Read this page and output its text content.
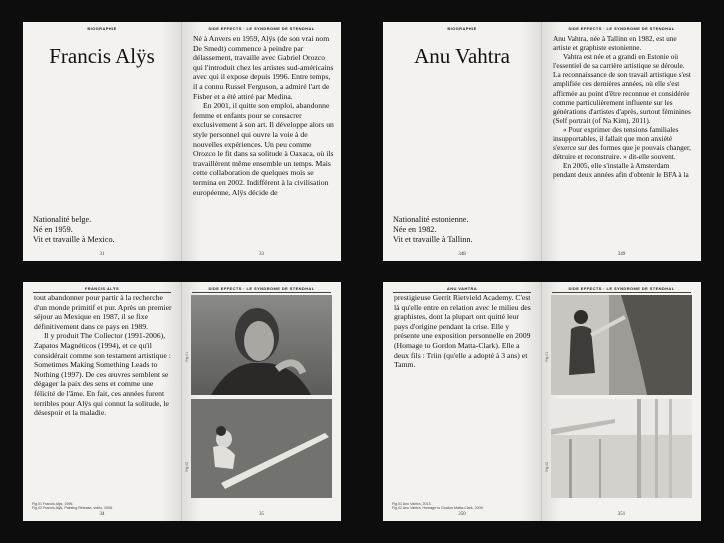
BIOGRAPHIE
Francis Alÿs
Nationalité belge.
Né en 1959.
Vit et travaille à Mexico.
31
SIDE EFFECTS · LE SYNDROME DE STENDHAL

Né à Anvers en 1959, Alÿs (de son vrai nom De Smedt) commence à peindre par délassement, travaille avec Gabriel Orozco qui l'introduit chez les artistes sud-américains avec qui il expose depuis 1996. Entre temps, il a connu Russel Ferguson, a admiré l'art de Fisher et a été attiré par Medina.

En 2001, il quitte son emploi, abandonne femme et enfants pour se consacrer exclusivement à son art. Il développe alors un style personnel qui ouvre la voie à de nouvelles expériences. Un peu comme Orozco le fit dans sa solitude à Oaxaca, où ils travaillèrent même ensemble un temps. Mais cette collaboration de quelques mois se termina en 2002. Indifférent à la civilisation européenne, Alÿs décide de

33
BIOGRAPHIE
Anu Vahtra
Nationalité estonienne.
Née en 1982.
Vit et travaille à Tallinn.
348
SIDE EFFECTS · LE SYNDROME DE STENDHAL

Anu Vahtra, née à Tallinn en 1982, est une artiste et graphiste estonienne.

Vahtra est née et a grandi en Estonie où l'essentiel de sa carrière artistique se déroule. La reconnaissance de son travail artistique s'est amplifiée ces dernières années, où elle s'est affirmée au point d'être reconnue et considérée comme particulièrement influente sur les générations d'artistes d'après, surtout féminines (Self portrait (of Na Kim), 2011).

« Pour exprimer des tensions familiales insupportables, il fallait que mon anxiété s'exerce sur des formes que je pouvais changer, détruire et reconstruire. » dit-elle souvent.

En 2005, elle s'installe à Amsterdam pendant deux années afin d'obtenir le BFA à la

349
FRANCIS ALŸS

tout abandonner pour partir à la recherche d'un monde primitif et pur. Après un premier séjour au Mexique en 1987, il se fixe définitivement dans ce pays en 1989.

Il y produit The Collector (1991-2006), Zapatos Magnéticos (1994), et ce qu'il considérait comme son testament artistique : Sometimes Making Something Leads to Nothing (1997). De ces œuvres semblent se dégager la paix des sens et comme une félicité de l'âme. En fait, ces années furent terribles pour Alÿs qui connut la solitude, le désespoir et la maladie.

Fig.01 Francis Alÿs, 1996.
Fig.02 Francis Alÿs, Painting Release, vidéo, 2006.
34
SIDE EFFECTS · LE SYNDROME DE STENDHAL
Fig.01
Fig.02
35
ANU VAHTRA

prestigieuse Gerrit Rietvield Academy. C'est là qu'elle entre en relation avec le milieu des graphistes, dont la plupart ont quitté leur pays d'origine pendant la crise. Elle y présente une exposition personnelle en 2009 (Homage to Gordon Matta-Clark). Elle a deux fils : Triin (qu'elle a adopté à 3 ans) et Tamm.

Fig.01 Anu Vahtra, 2013.
Fig.02 Anu Vahtra, Homage to Gordon Matta-Clark, 2009.
350
SIDE EFFECTS · LE SYNDROME DE STENDHAL
Fig.01
Fig.02
351
